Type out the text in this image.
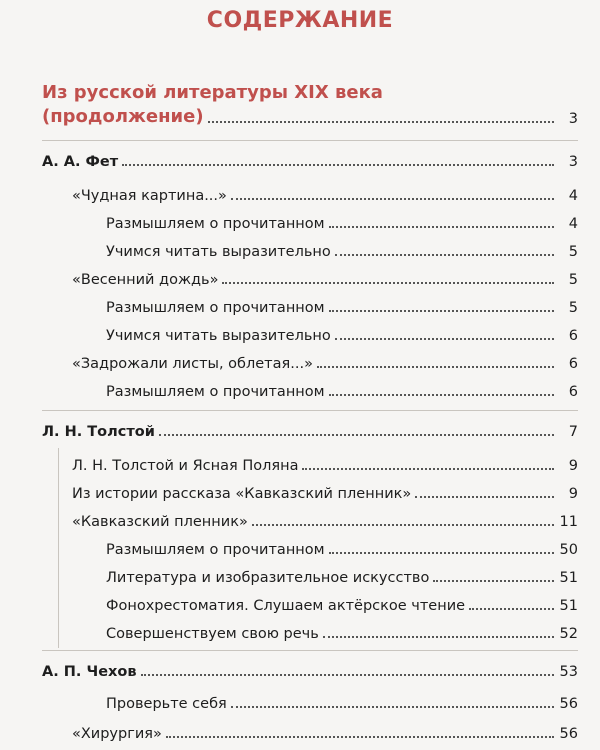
СОДЕРЖАНИЕ
Из русской литературы XIX века
(продолжение)	3
А. А. Фет	3
«Чудная картина...»	4
Размышляем о прочитанном	4
Учимся читать выразительно	5
«Весенний дождь»	5
Размышляем о прочитанном	5
Учимся читать выразительно	6
«Задрожали листы, облетая...»	6
Размышляем о прочитанном	6
Л. Н. Толстой	7
Л. Н. Толстой и Ясная Поляна	9
Из истории рассказа «Кавказский пленник»	9
«Кавказский пленник»	11
Размышляем о прочитанном	50
Литература и изобразительное искусство	51
Фонохрестоматия. Слушаем актёрское чтение	51
Совершенствуем свою речь	52
А. П. Чехов	53
Проверьте себя	56
«Хирургия»	56
